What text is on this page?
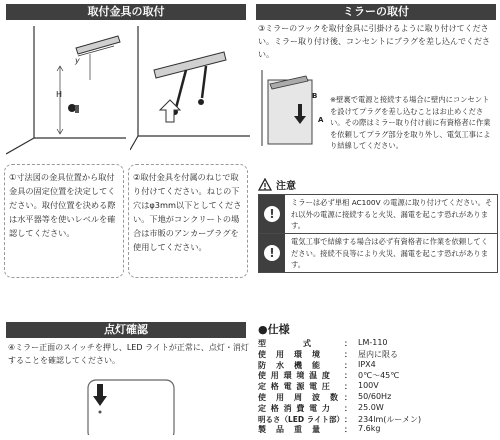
取付金具の取付
y
H
①寸法図の金具位置から取付金具の固定位置を決定してください。取付位置を決める際は水平器等を使いレベルを確認してください。
②取付金具を付属のねじで取り付けてください。ねじの下穴はφ3mm以下としてください。下地がコンクリートの場合は市販のアンカープラグを使用してください。
ミラーの取付
③ミラーのフックを取付金具に引掛けるように取り付けてください。ミラー取り付け後、コンセントにプラグを差し込んでください。
B
A
※壁裏で電源と接続する場合に壁内にコンセントを設けてプラグを差し込むことはお止めください。その際はミラー取り付け前に有資格者に作業を依頼してプラグ部分を取り外し、電気工事により結線してください。
注意
!
ミラーは必ず単相 AC100V の電源に取り付けてください。それ以外の電源に接続すると火災、漏電を起こす恐れがあります。
!
電気工事で結線する場合は必ず有資格者に作業を依頼してください。接続不良等により火災、漏電を起こす恐れがあります。
点灯確認
④ミラー正面のスイッチを押し、LED ライトが正常に、点灯・消灯することを確認してください。
●仕様
型　　　　式	： LM-110
使　用　環　境	： 屋内に限る
防　水　機　能	： IPX4
使 用 環 境 温 度	： 0℃〜45℃
定 格 電 源 電 圧	： 100V
使　用　周　波　数 ： 50/60Hz
定 格 消 費 電 力	： 25.0W
明るさ（LED ライト部） ： 234lm(ルーメン)
製　品　重　量	： 7.6kg
